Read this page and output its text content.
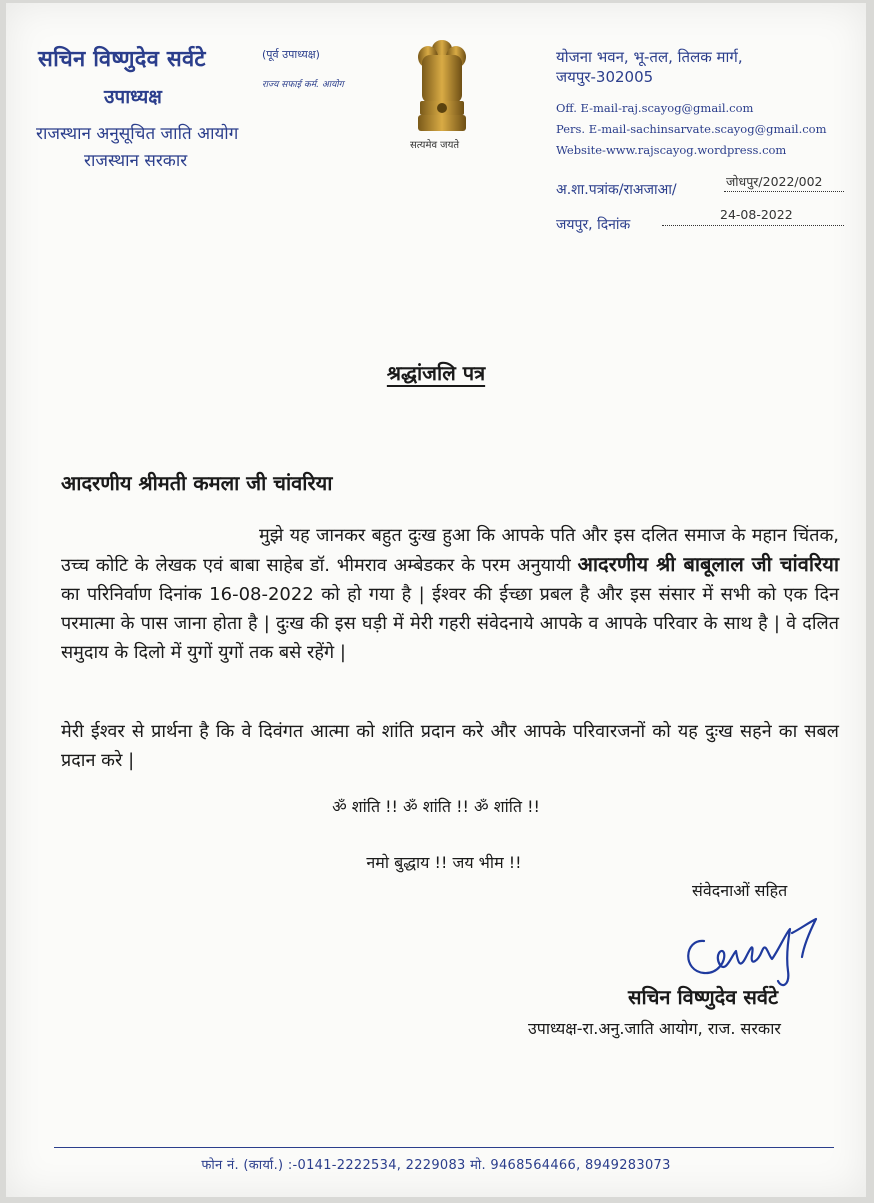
सचिन विष्णुदेव सर्वटे	(पूर्व उपाध्यक्ष)
राज्य सफाई कर्म. आयोग
उपाध्यक्ष
राजस्थान अनुसूचित जाति आयोग
राजस्थान सरकार
सत्यमेव जयते
योजना भवन, भू-तल, तिलक मार्ग,
जयपुर-302005
Off. E-mail-raj.scayog@gmail.com
Pers. E-mail-sachinsarvate.scayog@gmail.com
Website-www.rajscayog.wordpress.com
अ.शा.पत्रांक/राअजाआ/
जोधपुर/2022/002
जयपुर, दिनांक
24-08-2022
श्रद्धांजलि पत्र
आदरणीय श्रीमती कमला जी चांवरिया
मुझे यह जानकर बहुत दुःख हुआ कि आपके पति और इस दलित समाज के महान चिंतक, उच्च कोटि के लेखक एवं बाबा साहेब डॉ. भीमराव अम्बेडकर के परम अनुयायी आदरणीय श्री बाबूलाल जी चांवरिया का परिनिर्वाण दिनांक 16-08-2022 को हो गया है | ईश्वर की ईच्छा प्रबल है और इस संसार में सभी को एक दिन परमात्मा के पास जाना होता है | दुःख की इस घड़ी में मेरी गहरी संवेदनाये आपके व आपके परिवार के साथ है | वे दलित समुदाय के दिलो में युगों युगों तक बसे रहेंगे |
मेरी ईश्वर से प्रार्थना है कि वे दिवंगत आत्मा को शांति प्रदान करे और आपके परिवारजनों को यह दुःख सहने का सबल प्रदान करे |
ॐ शांति !! ॐ शांति !! ॐ शांति !!
नमो बुद्धाय !! जय भीम !!
संवेदनाओं सहित
सचिन विष्णुदेव सर्वटे
उपाध्यक्ष-रा.अनु.जाति आयोग, राज. सरकार
फोन नं. (कार्या.) :-0141-2222534, 2229083 मो. 9468564466, 8949283073
